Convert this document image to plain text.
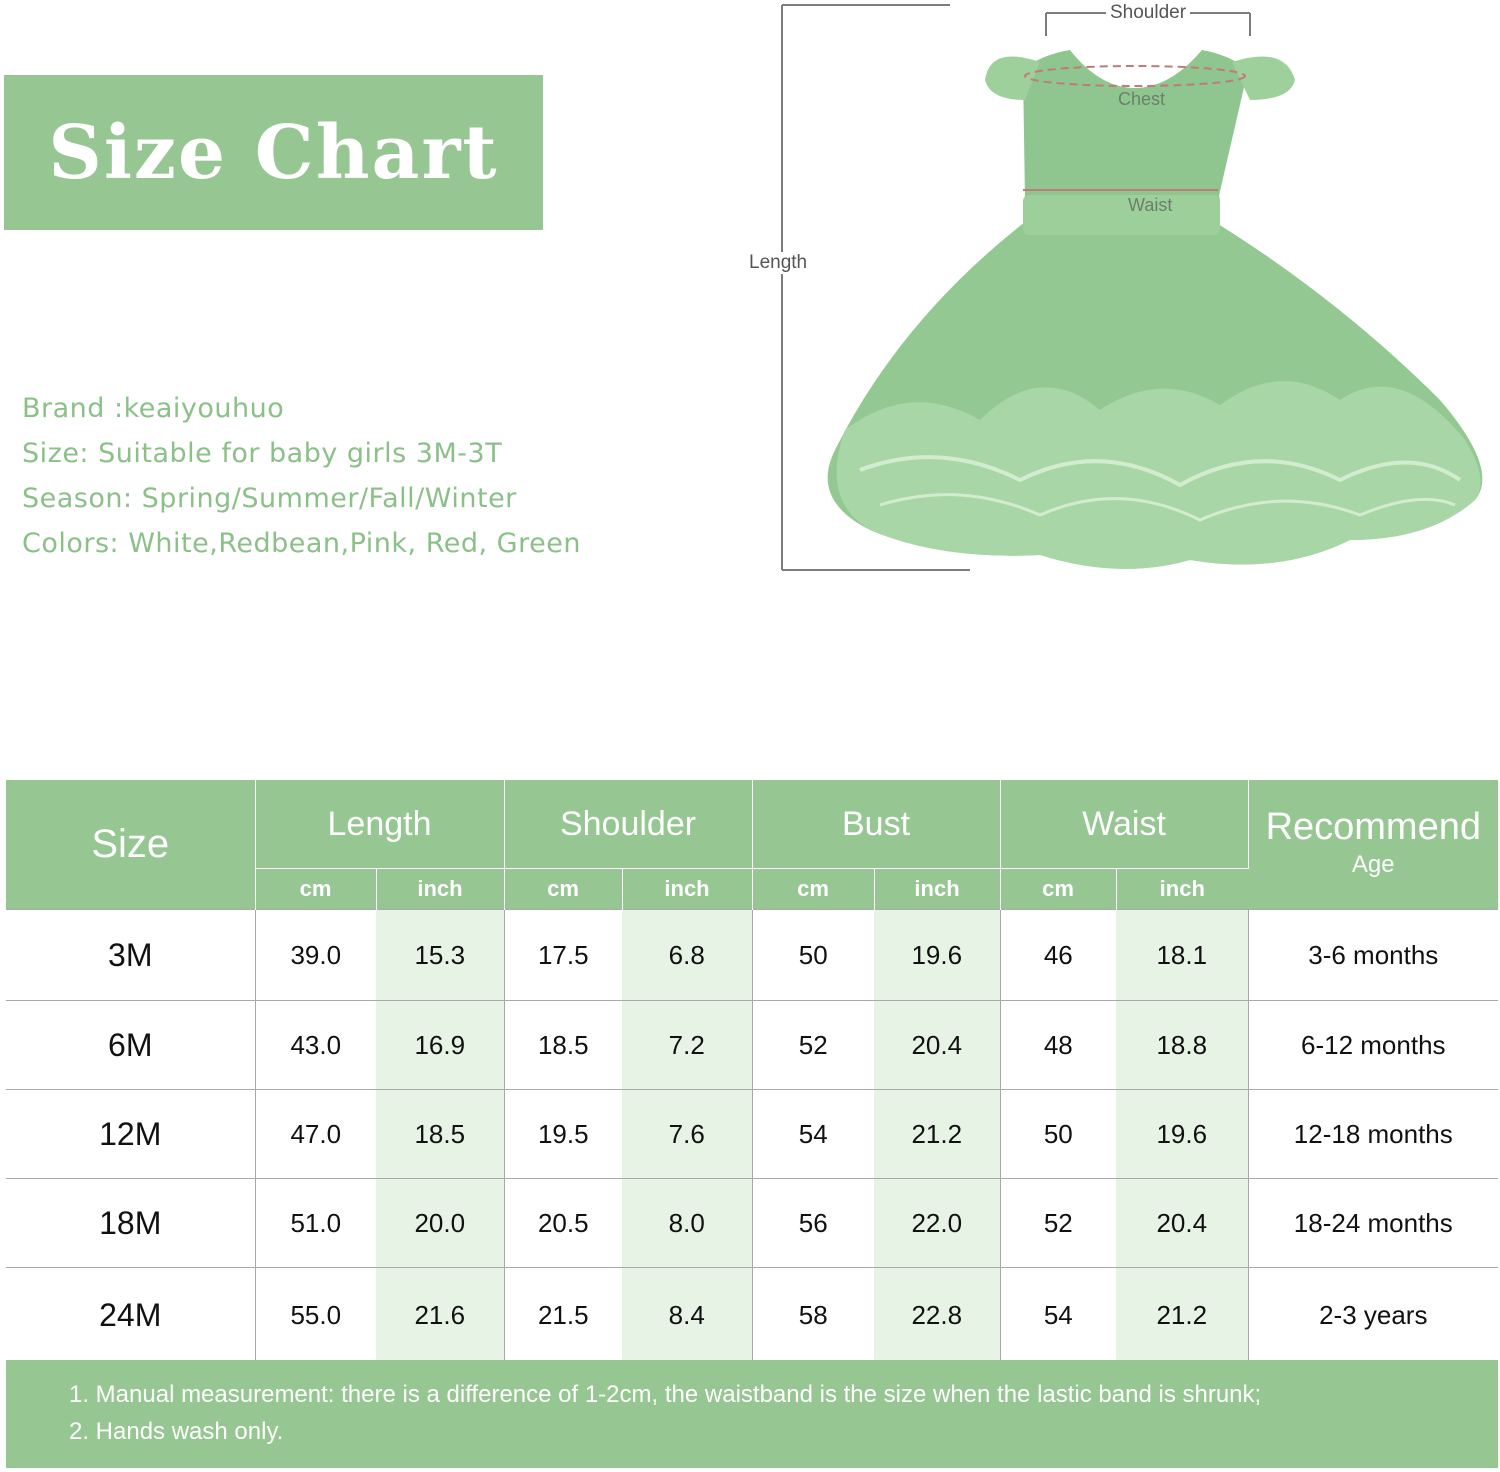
Size Chart
Brand :keaiyouhuo
Size: Suitable for baby girls 3M-3T
Season: Spring/Summer/Fall/Winter
Colors: White,Redbean,Pink, Red, Green
Shoulder
Chest
Waist
Length
Size	Length		Shoulder		Bust		Waist		Recommend
Age

	cm	inch	cm	inch	cm	inch	cm	inch	
3M	39.0	15.3	17.5	6.8	50	19.6	46	18.1	3-6 months
6M	43.0	16.9	18.5	7.2	52	20.4	48	18.8	6-12 months
12M	47.0	18.5	19.5	7.6	54	21.2	50	19.6	12-18 months
18M	51.0	20.0	20.5	8.0	56	22.0	52	20.4	18-24 months
24M	55.0	21.6	21.5	8.4	58	22.8	54	21.2	2-3 years
1. Manual measurement: there is a difference of 1-2cm, the waistband is the size when the lastic band is shrunk;
2. Hands wash only.
